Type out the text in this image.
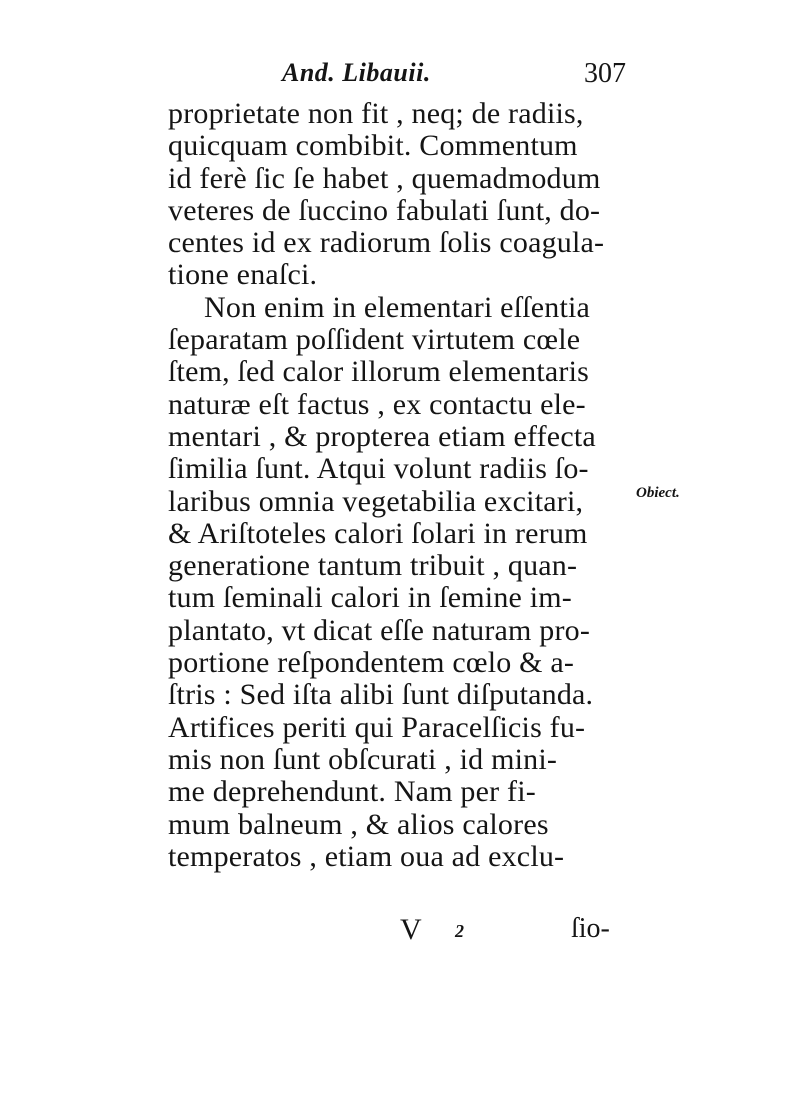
And. Libauii.	307
proprietate non fit , neq; de radiis,
quicquam combibit. Commentum
id ferè ſic ſe habet , quemadmodum
veteres de ſuccino fabulati ſunt, do-
centes id ex radiorum ſolis coagula-
tione enaſci.
Non enim in elementari eſſentia
ſeparatam poſſident virtutem cœle
ſtem, ſed calor illorum elementaris
naturæ eſt factus , ex contactu ele-
mentari , & propterea etiam effecta
ſimilia ſunt. Atqui volunt radiis ſo-
laribus omnia vegetabilia excitari,
& Ariſtoteles calori ſolari in rerum
generatione tantum tribuit , quan-
tum ſeminali calori in ſemine im-
plantato, vt dicat eſſe naturam pro-
portione reſpondentem cœlo & a-
ſtris : Sed iſta alibi ſunt diſputanda.
Artifices periti qui Paracelſicis fu-
mis non ſunt obſcurati , id mini-
me deprehendunt. Nam per fi-
mum balneum , & alios calores
temperatos , etiam oua ad exclu-
Obiect.
V 2	ſio-
